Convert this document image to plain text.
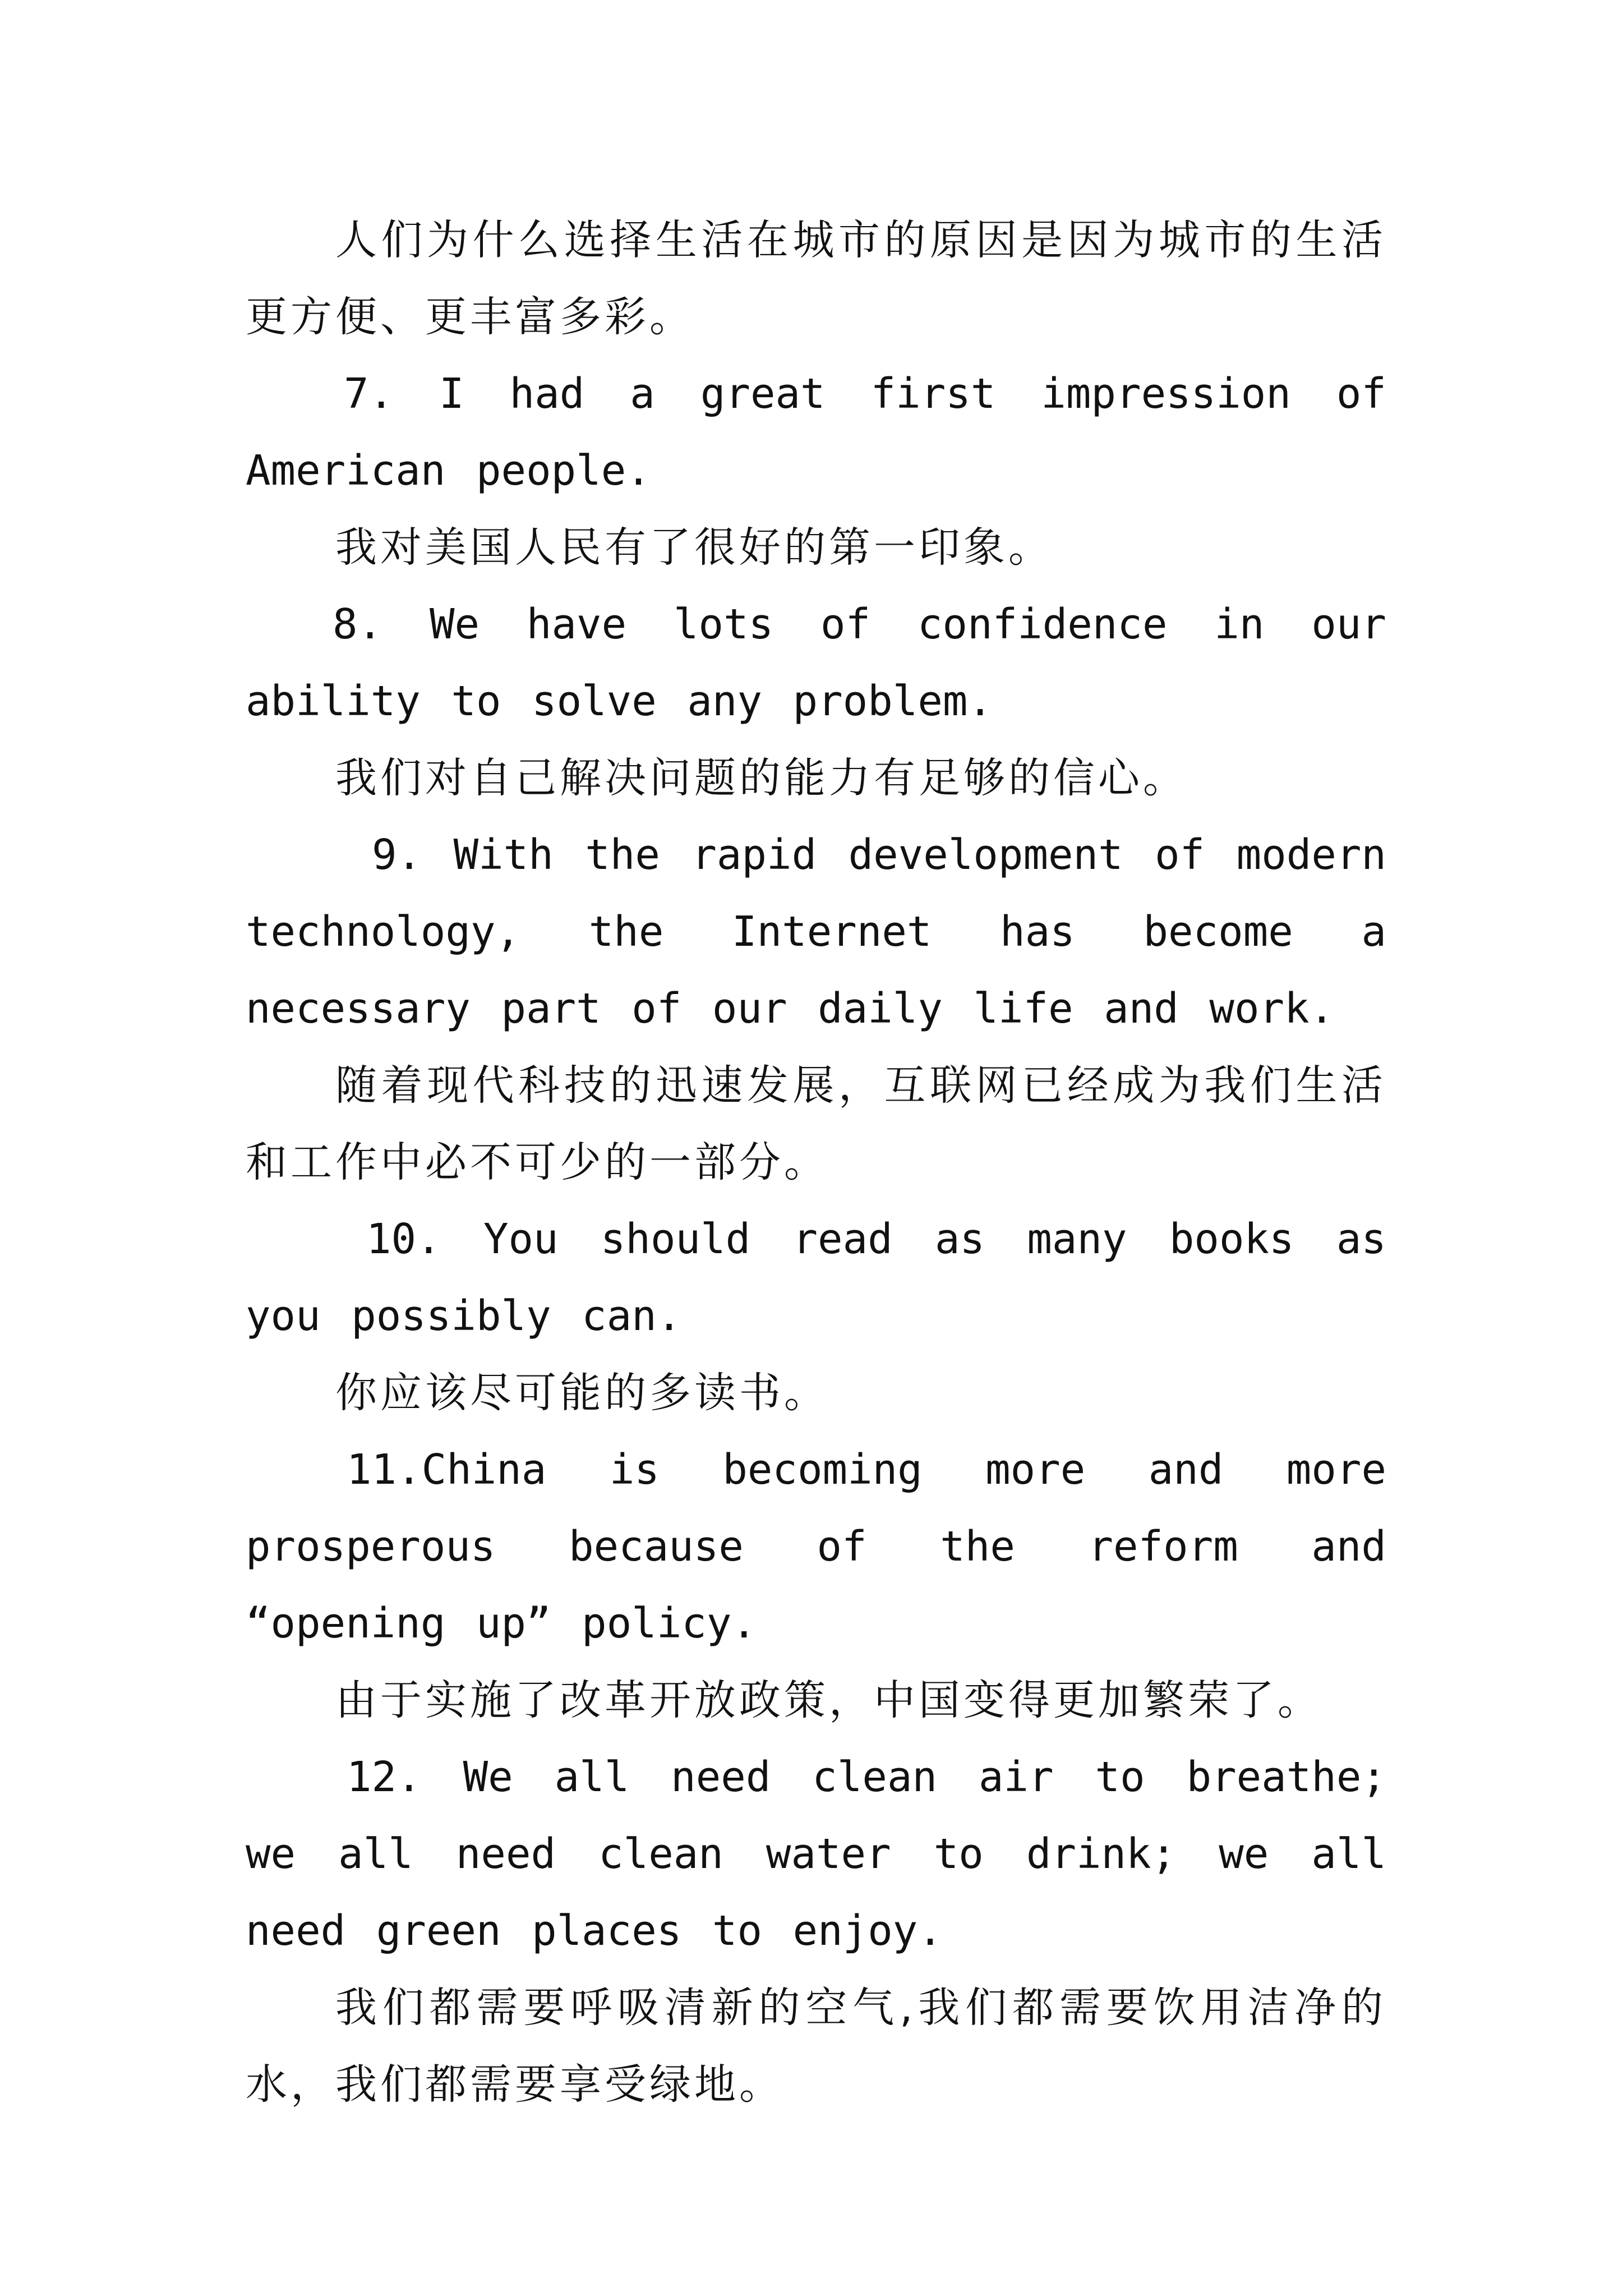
人们为什么选择生活在城市的原因是因为城市的生活更方便、更丰富多彩。

7. I had a great first impression of American people.

我对美国人民有了很好的第一印象。

8. We have lots of confidence in our ability to solve any problem.

我们对自己解决问题的能力有足够的信心。

9. With the rapid development of modern technology, the Internet has become a necessary part of our daily life and work.

随着现代科技的迅速发展，互联网已经成为我们生活和工作中必不可少的一部分。

10. You should read as many books as you possibly can.

你应该尽可能的多读书。

11.China is becoming more and more prosperous because of the reform and “opening up” policy.

由于实施了改革开放政策，中国变得更加繁荣了。

12. We all need clean air to breathe; we all need clean water to drink; we all need green places to enjoy.

我们都需要呼吸清新的空气,我们都需要饮用洁净的水，我们都需要享受绿地。
